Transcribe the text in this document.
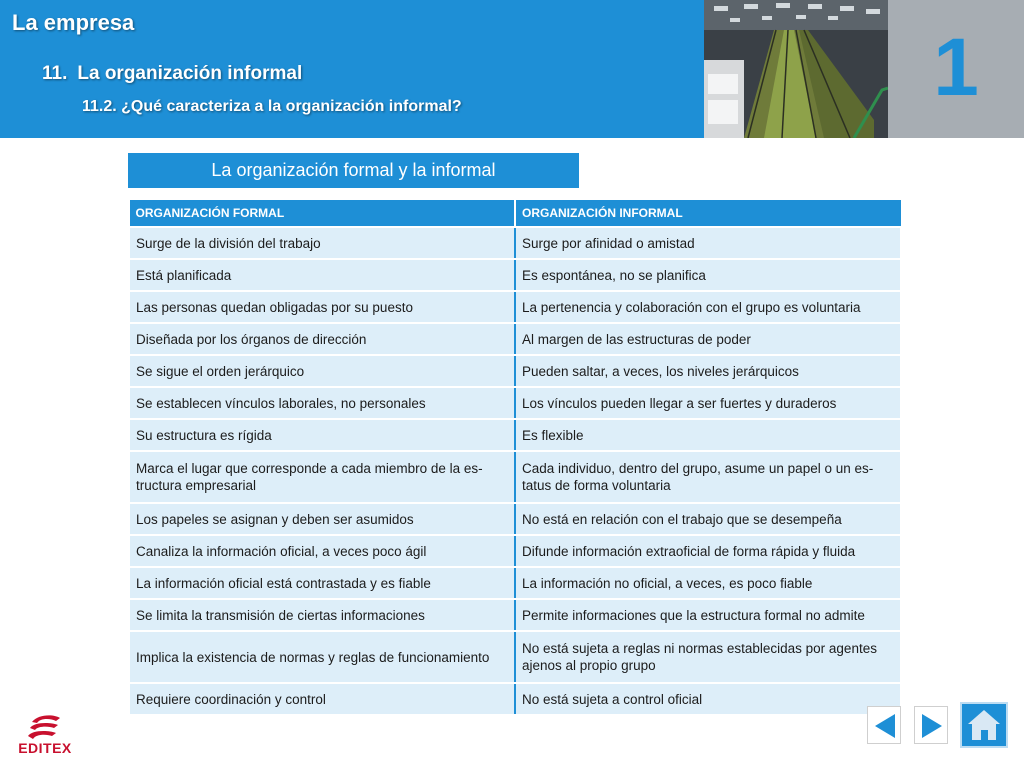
La empresa
11. La organización informal
11.2. ¿Qué caracteriza a la organización informal?	1
La organización formal y la informal
ORGANIZACIÓN FORMAL	ORGANIZACIÓN INFORMAL
Surge de la división del trabajo	Surge por afinidad o amistad
Está planificada	Es espontánea, no se planifica
Las personas quedan obligadas por su puesto	La pertenencia y colaboración con el grupo es voluntaria
Diseñada por los órganos de dirección	Al margen de las estructuras de poder
Se sigue el orden jerárquico	Pueden saltar, a veces, los niveles jerárquicos
Se establecen vínculos laborales, no personales	Los vínculos pueden llegar a ser fuertes y duraderos
Su estructura es rígida	Es flexible
Marca el lugar que corresponde a cada miembro de la es-tructura empresarial	Cada individuo, dentro del grupo, asume un papel o un es-tatus de forma voluntaria
Los papeles se asignan y deben ser asumidos	No está en relación con el trabajo que se desempeña
Canaliza la información oficial, a veces poco ágil	Difunde información extraoficial de forma rápida y fluida
La información oficial está contrastada y es fiable	La información no oficial, a veces, es poco fiable
Se limita la transmisión de ciertas informaciones	Permite informaciones que la estructura formal no admite
Implica la existencia de normas y reglas de funcionamiento	No está sujeta a reglas ni normas establecidas por agentes ajenos al propio grupo
Requiere coordinación y control	No está sujeta a control oficial
EDITEX
